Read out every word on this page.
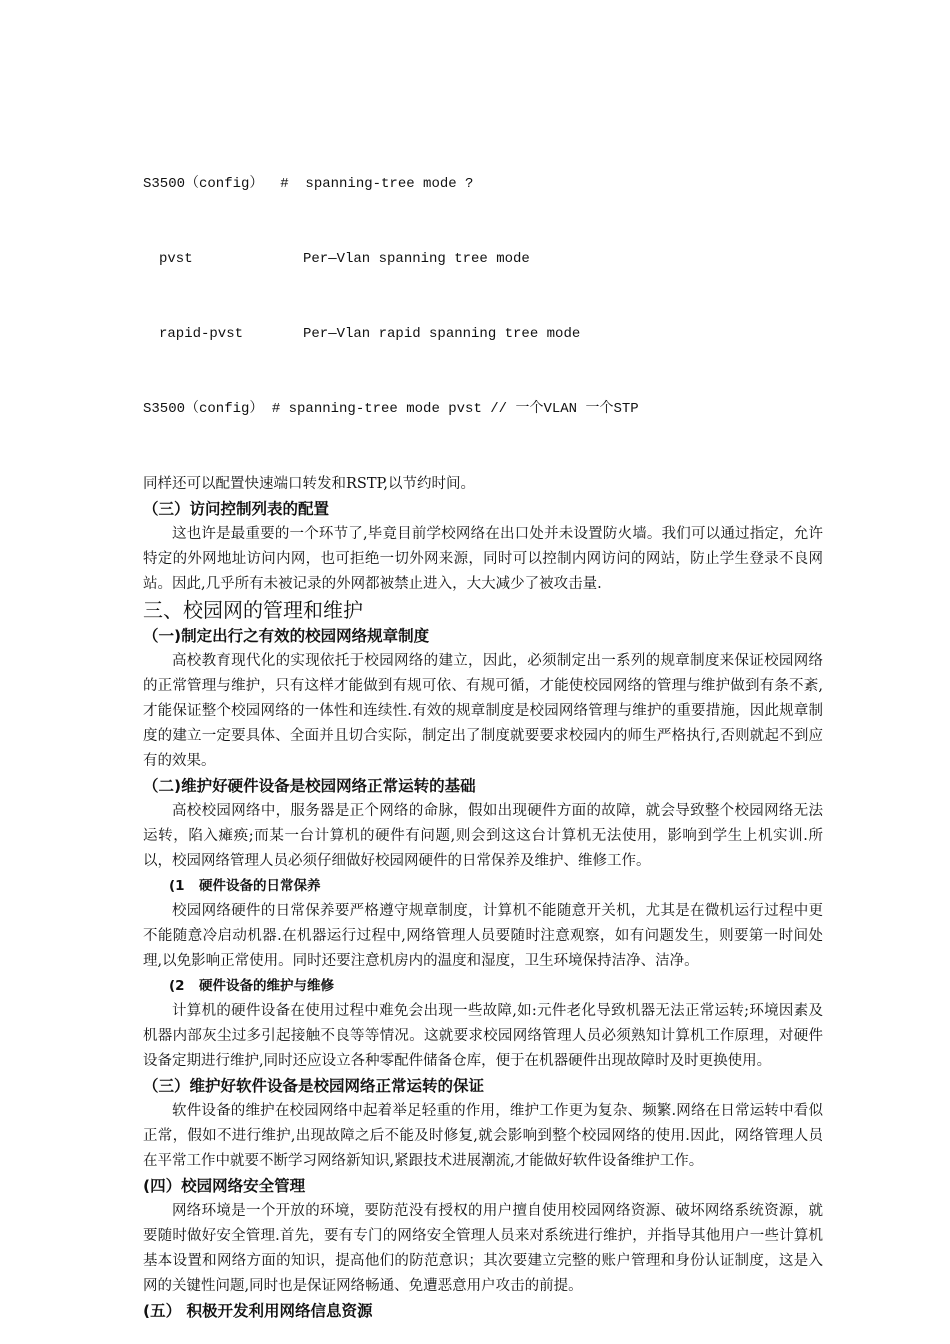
S3500（config）  #  spanning-tree mode ?

pvst	Per—Vlan spanning tree mode

rapid-pvst	Per—Vlan rapid spanning tree mode

S3500（config） # spanning-tree mode pvst // 一个VLAN 一个STP

同样还可以配置快速端口转发和RSTP,以节约时间。
（三）访问控制列表的配置
这也许是最重要的一个环节了,毕竟目前学校网络在出口处并未设置防火墙。我们可以通过指定，允许特定的外网地址访问内网，也可拒绝一切外网来源，同时可以控制内网访问的网站，防止学生登录不良网站。因此,几乎所有未被记录的外网都被禁止进入，大大减少了被攻击量.
三、校园网的管理和维护
（一)制定出行之有效的校园网络规章制度
高校教育现代化的实现依托于校园网络的建立，因此，必须制定出一系列的规章制度来保证校园网络的正常管理与维护，只有这样才能做到有规可依、有规可循，才能使校园网络的管理与维护做到有条不紊,才能保证整个校园网络的一体性和连续性.有效的规章制度是校园网络管理与维护的重要措施，因此规章制度的建立一定要具体、全面并且切合实际，制定出了制度就要要求校园内的师生严格执行,否则就起不到应有的效果。
（二)维护好硬件设备是校园网络正常运转的基础
高校校园网络中，服务器是正个网络的命脉，假如出现硬件方面的故障，就会导致整个校园网络无法运转，陷入瘫痪;而某一台计算机的硬件有问题,则会到这这台计算机无法使用，影响到学生上机实训.所以，校园网络管理人员必须仔细做好校园网硬件的日常保养及维护、维修工作。
(1 硬件设备的日常保养
校园网络硬件的日常保养要严格遵守规章制度，计算机不能随意开关机，尤其是在微机运行过程中更不能随意冷启动机器.在机器运行过程中,网络管理人员要随时注意观察，如有问题发生，则要第一时间处理,以免影响正常使用。同时还要注意机房内的温度和湿度，卫生环境保持洁净、洁净。
(2 硬件设备的维护与维修
计算机的硬件设备在使用过程中难免会出现一些故障,如:元件老化导致机器无法正常运转;环境因素及机器内部灰尘过多引起接触不良等等情况。这就要求校园网络管理人员必须熟知计算机工作原理，对硬件设备定期进行维护,同时还应设立各种零配件储备仓库，便于在机器硬件出现故障时及时更换使用。
（三）维护好软件设备是校园网络正常运转的保证
软件设备的维护在校园网络中起着举足轻重的作用，维护工作更为复杂、频繁.网络在日常运转中看似正常，假如不进行维护,出现故障之后不能及时修复,就会影响到整个校园网络的使用.因此，网络管理人员在平常工作中就要不断学习网络新知识,紧跟技术进展潮流,才能做好软件设备维护工作。
(四）校园网络安全管理
网络环境是一个开放的环境，要防范没有授权的用户擅自使用校园网络资源、破坏网络系统资源，就要随时做好安全管理.首先，要有专门的网络安全管理人员来对系统进行维护，并指导其他用户一些计算机基本设置和网络方面的知识，提高他们的防范意识；其次要建立完整的账户管理和身份认证制度，这是入网的关键性问题,同时也是保证网络畅通、免遭恶意用户攻击的前提。
(五） 积极开发利用网络信息资源
